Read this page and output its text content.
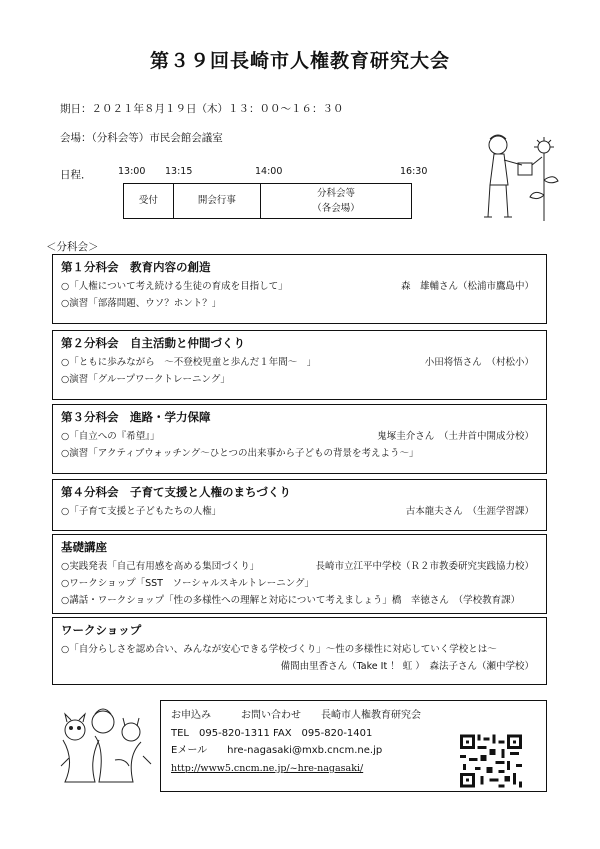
第３９回長崎市人権教育研究大会
期日：２０２１年８月１９日（木）１３：００〜１６：３０
会場：（分科会等）市民会館会議室
日程．	13:00 13:15	14:00	16:30
受付	開会行事
分科会等
（各会場）
＜分科会＞
第１分科会　教育内容の創造
○「人権について考え続ける生徒の育成を目指して」	森　雄輔さん（松浦市鷹島中）
○演習「部落問題、ウソ？ホント？」
第２分科会　自主活動と仲間づくり
○「ともに歩みながら　〜不登校児童と歩んだ１年間〜　」	小田将悟さん　（村松小）
○演習「グループワークトレーニング」
第３分科会　進路・学力保障
○「自立への『希望』」	鬼塚圭介さん　（土井首中開成分校）
○演習「アクティブウォッチング〜ひとつの出来事から子どもの背景を考えよう〜」
第４分科会　子育て支援と人権のまちづくり
○「子育て支援と子どもたちの人権」	古本龍夫さん　（生涯学習課）
基礎講座
○実践発表「自己有用感を高める集団づくり」	長崎市立江平中学校（Ｒ２市教委研究実践協力校）
○ワークショップ「SST　ソーシャルスキルトレーニング」
○講話・ワークショップ「性の多様性への理解と対応について考えましょう」橋　幸徳さん　（学校教育課）
ワークショップ
○「自分らしさを認め合い、みんなが安心できる学校づくり」〜性の多様性に対応していく学校とは〜
備間由里香さん（Take It ！ 虹 ）　森法子さん（瀬中学校）
お申込み　　　お問い合わせ　　長崎市人権教育研究会
TEL　095-820-1311 FAX　095-820-1401
Eメール　　hre-nagasaki@mxb.cncm.ne.jp
http://www5.cncm.ne.jp/~hre-nagasaki/
